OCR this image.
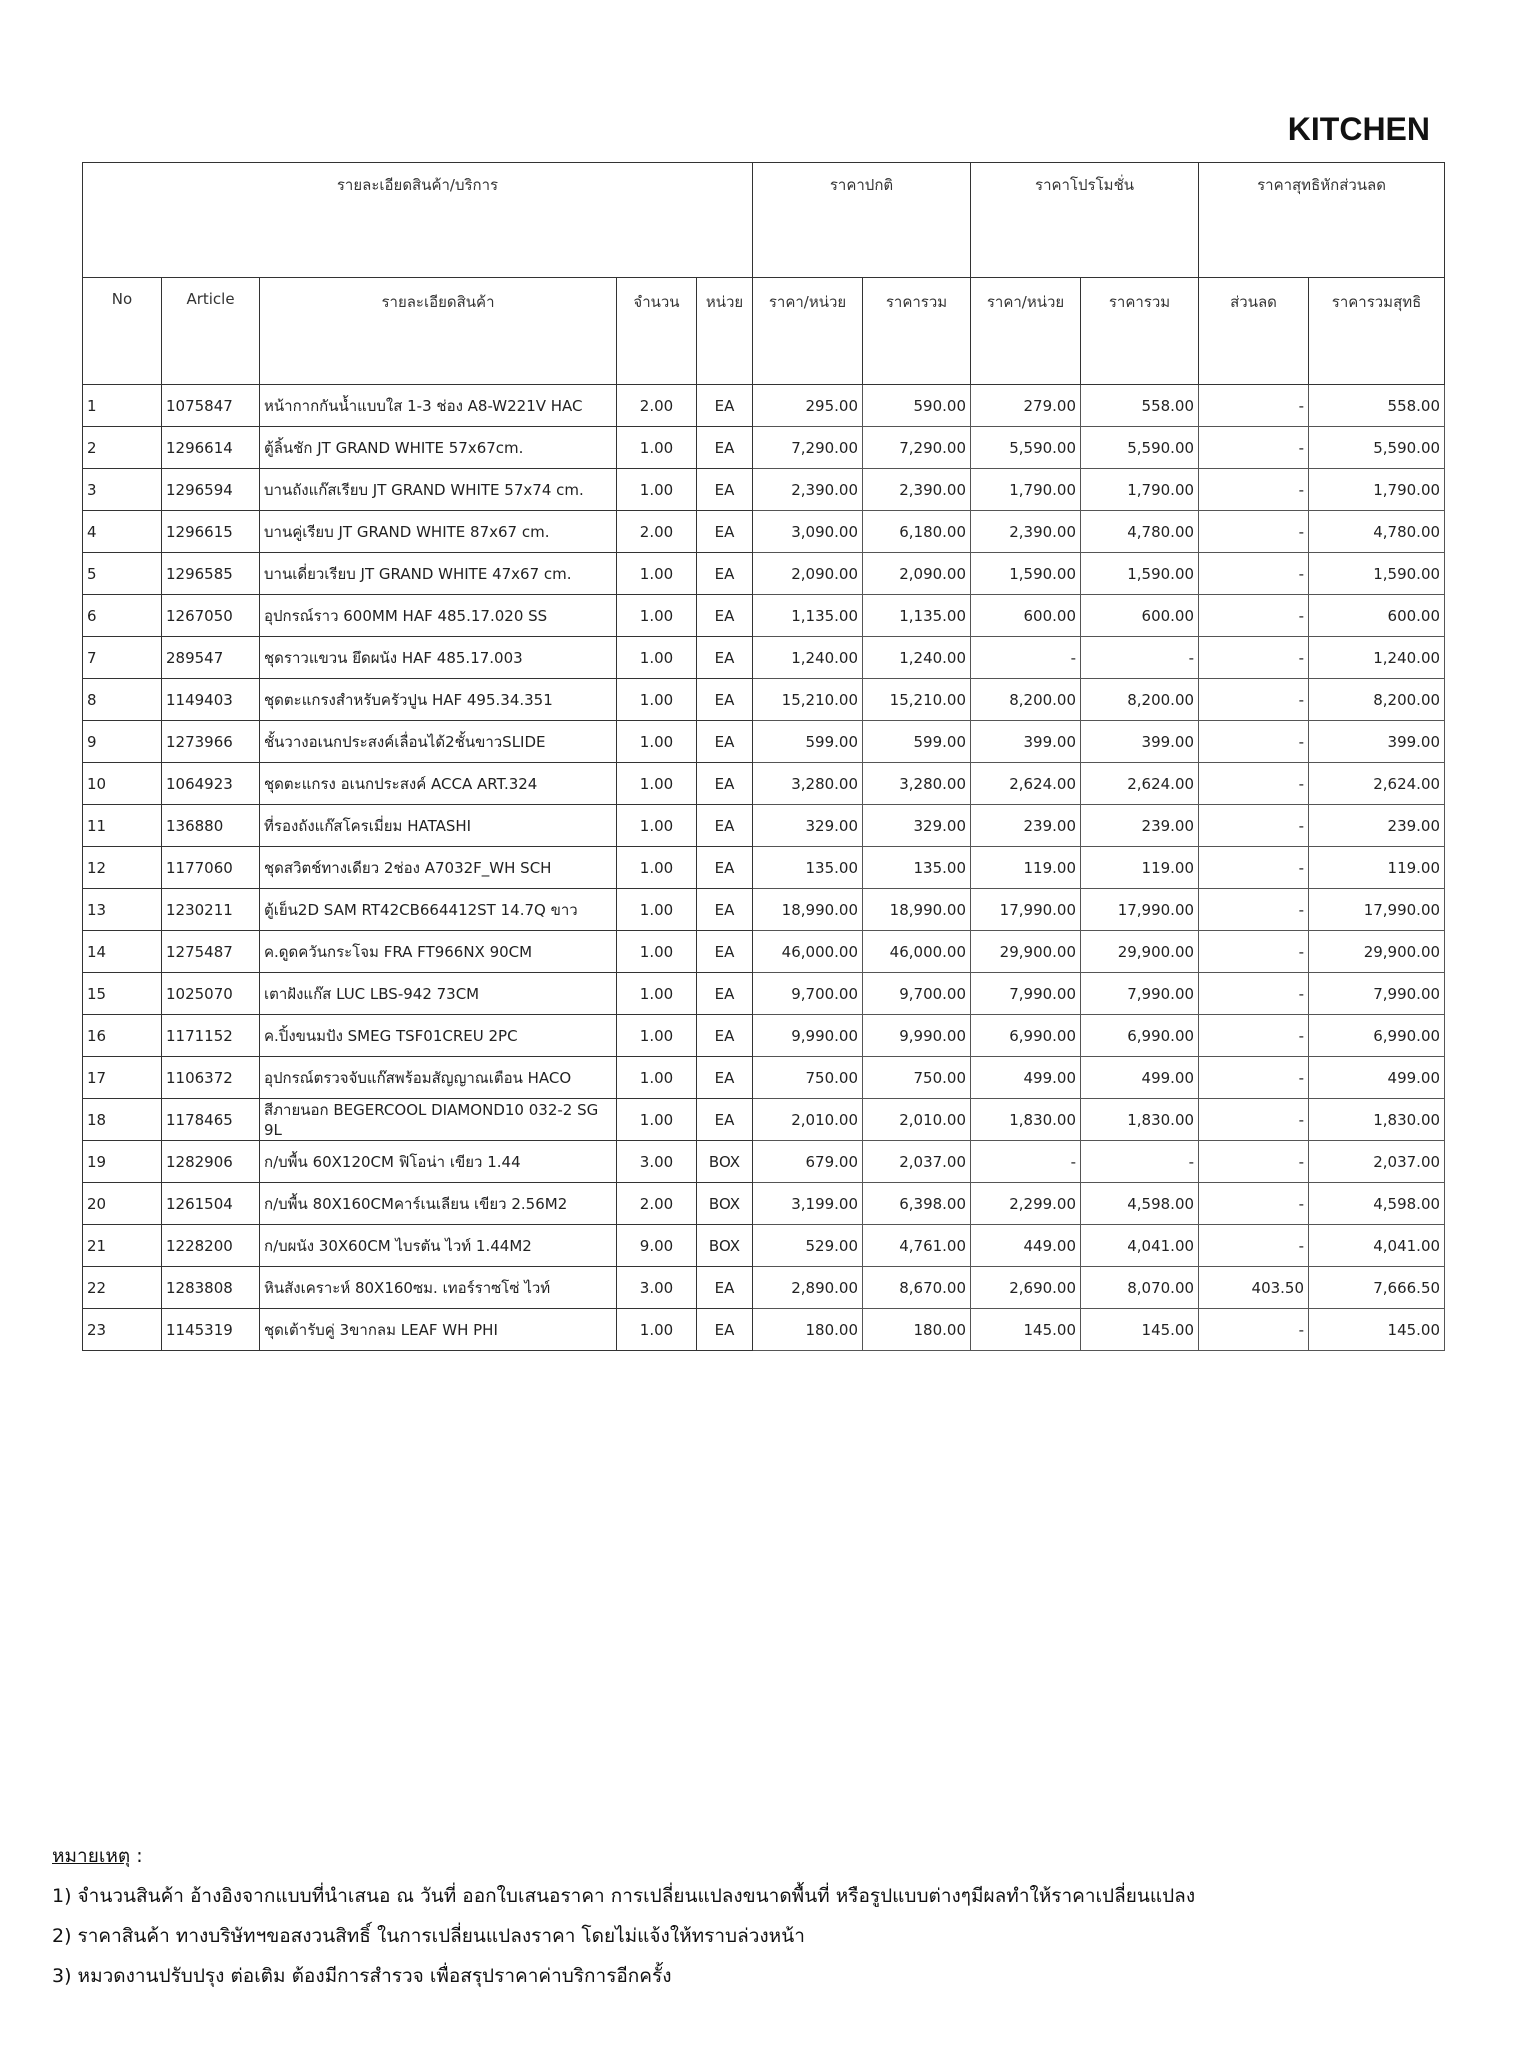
KITCHEN
รายละเอียดสินค้า/บริการ					ราคาปกติ		ราคาโปรโมชั่น		ราคาสุทธิหักส่วนลด	
No	Article	รายละเอียดสินค้า	จำนวน	หน่วย	ราคา/หน่วย	ราคารวม	ราคา/หน่วย	ราคารวม	ส่วนลด	ราคารวมสุทธิ
1	1075847	หน้ากากกันน้ำแบบใส 1-3 ช่อง A8-W221V HAC	2.00	EA	295.00	590.00	279.00	558.00	-	558.00
2	1296614	ตู้ลิ้นชัก JT GRAND WHITE 57x67cm.	1.00	EA	7,290.00	7,290.00	5,590.00	5,590.00	-	5,590.00
3	1296594	บานถังแก๊สเรียบ JT GRAND WHITE 57x74 cm.	1.00	EA	2,390.00	2,390.00	1,790.00	1,790.00	-	1,790.00
4	1296615	บานคู่เรียบ JT GRAND WHITE 87x67 cm.	2.00	EA	3,090.00	6,180.00	2,390.00	4,780.00	-	4,780.00
5	1296585	บานเดี่ยวเรียบ JT GRAND WHITE 47x67 cm.	1.00	EA	2,090.00	2,090.00	1,590.00	1,590.00	-	1,590.00
6	1267050	อุปกรณ์ราว 600MM HAF 485.17.020 SS	1.00	EA	1,135.00	1,135.00	600.00	600.00	-	600.00
7	289547	ชุดราวแขวน ยึดผนัง HAF 485.17.003	1.00	EA	1,240.00	1,240.00	-	-	-	1,240.00
8	1149403	ชุดตะแกรงสำหรับครัวปูน HAF 495.34.351	1.00	EA	15,210.00	15,210.00	8,200.00	8,200.00	-	8,200.00
9	1273966	ชั้นวางอเนกประสงค์เลื่อนได้2ชั้นขาวSLIDE	1.00	EA	599.00	599.00	399.00	399.00	-	399.00
10	1064923	ชุดตะแกรง อเนกประสงค์ ACCA ART.324	1.00	EA	3,280.00	3,280.00	2,624.00	2,624.00	-	2,624.00
11	136880	ที่รองถังแก๊สโครเมี่ยม HATASHI	1.00	EA	329.00	329.00	239.00	239.00	-	239.00
12	1177060	ชุดสวิตช์ทางเดียว 2ช่อง A7032F_WH SCH	1.00	EA	135.00	135.00	119.00	119.00	-	119.00
13	1230211	ตู้เย็น2D SAM RT42CB664412ST 14.7Q ขาว	1.00	EA	18,990.00	18,990.00	17,990.00	17,990.00	-	17,990.00
14	1275487	ค.ดูดควันกระโจม FRA FT966NX 90CM	1.00	EA	46,000.00	46,000.00	29,900.00	29,900.00	-	29,900.00
15	1025070	เตาฝังแก๊ส LUC LBS-942 73CM	1.00	EA	9,700.00	9,700.00	7,990.00	7,990.00	-	7,990.00
16	1171152	ค.ปิ้งขนมปัง SMEG TSF01CREU 2PC	1.00	EA	9,990.00	9,990.00	6,990.00	6,990.00	-	6,990.00
17	1106372	อุปกรณ์ตรวจจับแก๊สพร้อมสัญญาณเตือน HACO	1.00	EA	750.00	750.00	499.00	499.00	-	499.00
18	1178465	สีภายนอก BEGERCOOL DIAMOND10 032-2 SG 9L	1.00	EA	2,010.00	2,010.00	1,830.00	1,830.00	-	1,830.00
19	1282906	ก/บพื้น 60X120CM ฟิโอน่า เขียว 1.44	3.00	BOX	679.00	2,037.00	-	-	-	2,037.00
20	1261504	ก/บพื้น 80X160CMคาร์เนเลียน เขียว 2.56M2	2.00	BOX	3,199.00	6,398.00	2,299.00	4,598.00	-	4,598.00
21	1228200	ก/บผนัง 30X60CM ไบรตัน ไวท์ 1.44M2	9.00	BOX	529.00	4,761.00	449.00	4,041.00	-	4,041.00
22	1283808	หินสังเคราะห์ 80X160ซม. เทอร์ราซโซ่ ไวท์	3.00	EA	2,890.00	8,670.00	2,690.00	8,070.00	403.50	7,666.50
23	1145319	ชุดเต้ารับคู่ 3ขากลม LEAF WH PHI	1.00	EA	180.00	180.00	145.00	145.00	-	145.00
หมายเหตุ :
1) จำนวนสินค้า อ้างอิงจากแบบที่นำเสนอ ณ วันที่ ออกใบเสนอราคา การเปลี่ยนแปลงขนาดพื้นที่ หรือรูปแบบต่างๆมีผลทำให้ราคาเปลี่ยนแปลง
2) ราคาสินค้า ทางบริษัทฯขอสงวนสิทธิ์ ในการเปลี่ยนแปลงราคา โดยไม่แจ้งให้ทราบล่วงหน้า
3) หมวดงานปรับปรุง ต่อเติม ต้องมีการสำรวจ เพื่อสรุปราคาค่าบริการอีกครั้ง
